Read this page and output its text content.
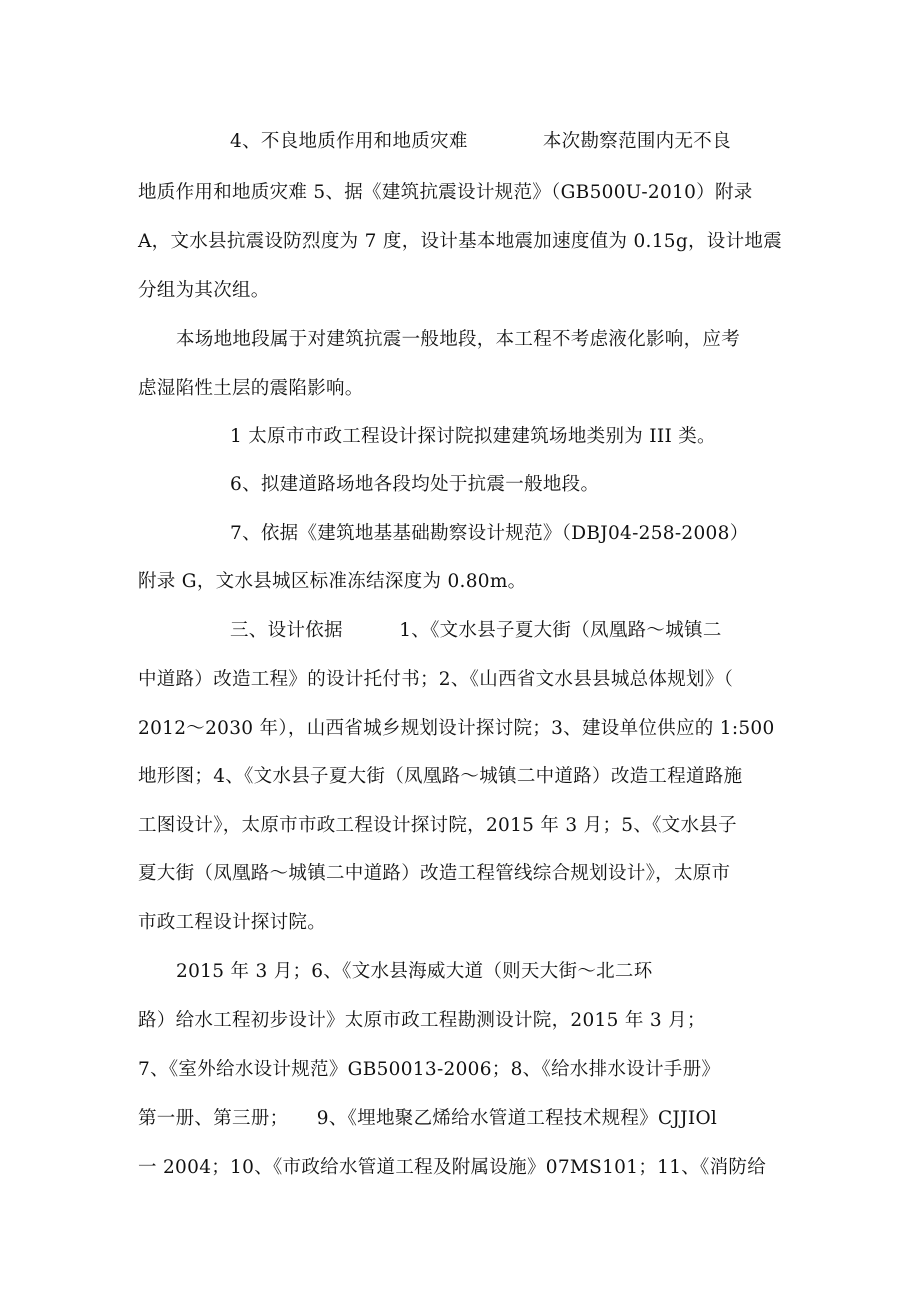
4、不良地质作用和地质灾难　　　　本次勘察范围内无不良
地质作用和地质灾难 5、据《建筑抗震设计规范》（GB500U-2010）附录
A，文水县抗震设防烈度为 7 度，设计基本地震加速度值为 0.15g，设计地震
分组为其次组。
本场地地段属于对建筑抗震一般地段，本工程不考虑液化影响，应考
虑湿陷性土层的震陷影响。
1 太原市市政工程设计探讨院拟建建筑场地类别为 III 类。
6、拟建道路场地各段均处于抗震一般地段。
7、依据《建筑地基基础勘察设计规范》（DBJ04-258-2008）
附录 G，文水县城区标准冻结深度为 0.80m。
三、设计依据　　　1、《文水县子夏大街（凤凰路～城镇二
中道路）改造工程》的设计托付书；2、《山西省文水县县城总体规划》（
2012～2030 年），山西省城乡规划设计探讨院；3、建设单位供应的 1:500
地形图；4、《文水县子夏大街（凤凰路～城镇二中道路）改造工程道路施
工图设计》，太原市市政工程设计探讨院，2015 年 3 月；5、《文水县子
夏大街（凤凰路～城镇二中道路）改造工程管线综合规划设计》，太原市
市政工程设计探讨院。
2015 年 3 月；6、《文水县海威大道（则天大街～北二环
路）给水工程初步设计》太原市政工程勘测设计院，2015 年 3 月；
7、《室外给水设计规范》GB50013-2006；8、《给水排水设计手册》
第一册、第三册；　　9、《埋地聚乙烯给水管道工程技术规程》CJJIOl
一 2004；10、《市政给水管道工程及附属设施》07MS101；11、《消防给
